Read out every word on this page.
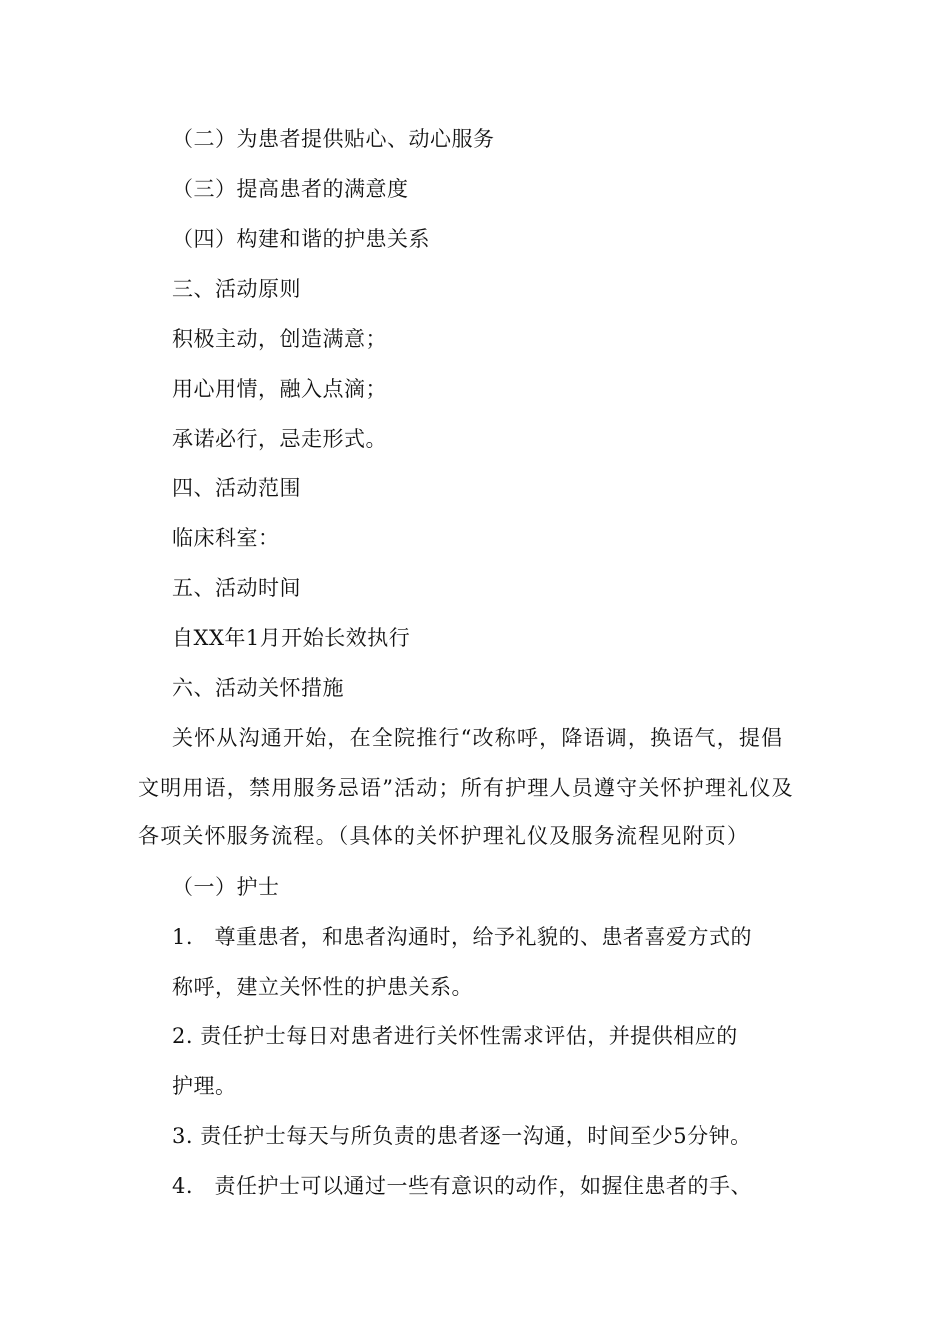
（二）为患者提供贴心、动心服务
（三）提高患者的满意度
（四）构建和谐的护患关系
三、活动原则
积极主动，创造满意；
用心用情，融入点滴；
承诺必行，忌走形式。
四、活动范围
临床科室：
五、活动时间
自XX年1月开始长效执行
六、活动关怀措施
关怀从沟通开始，在全院推行“改称呼，降语调，换语气，提倡
文明用语，禁用服务忌语”活动；所有护理人员遵守关怀护理礼仪及
各项关怀服务流程。（具体的关怀护理礼仪及服务流程见附页）
（一）护士
1.　尊重患者，和患者沟通时，给予礼貌的、患者喜爱方式的
称呼，建立关怀性的护患关系。
2. 责任护士每日对患者进行关怀性需求评估，并提供相应的
护理。
3. 责任护士每天与所负责的患者逐一沟通，时间至少5分钟。
4.　责任护士可以通过一些有意识的动作，如握住患者的手、
